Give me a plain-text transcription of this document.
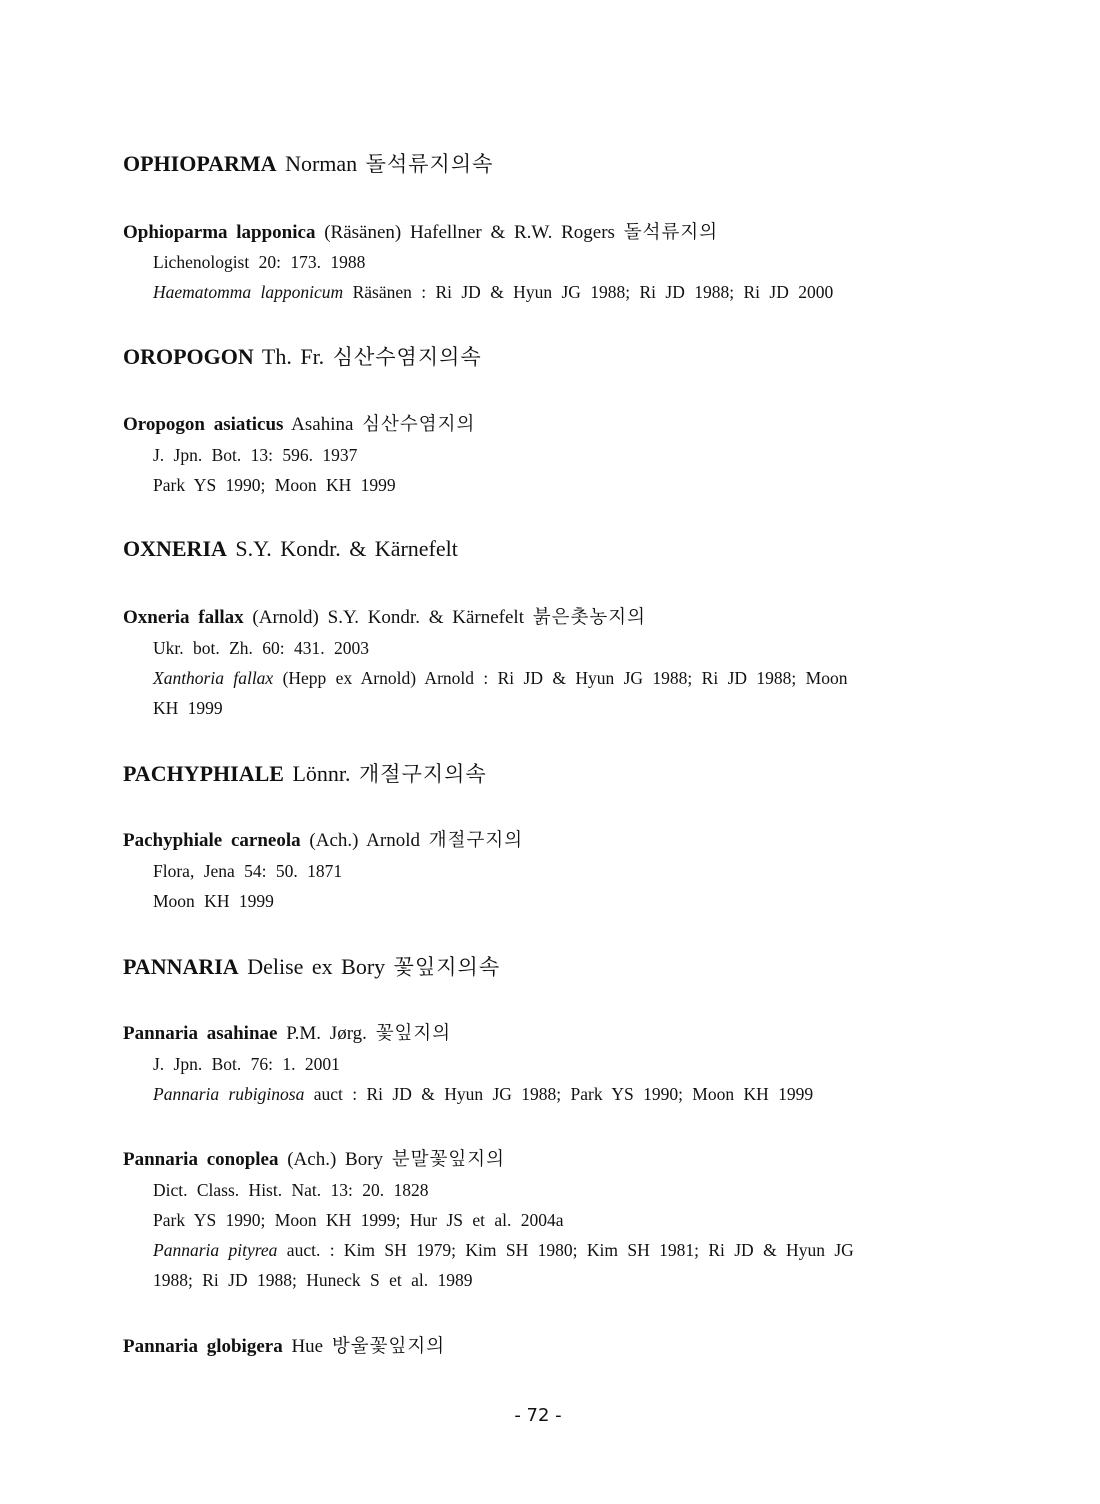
OPHIOPARMA Norman 돌석류지의속
Ophioparma lapponica (Räsänen) Hafellner & R.W. Rogers 돌석류지의
Lichenologist 20: 173. 1988
Haematomma lapponicum Räsänen : Ri JD & Hyun JG 1988; Ri JD 1988; Ri JD 2000
OROPOGON Th. Fr. 심산수염지의속
Oropogon asiaticus Asahina 심산수염지의
J. Jpn. Bot. 13: 596. 1937
Park YS 1990; Moon KH 1999
OXNERIA S.Y. Kondr. & Kärnefelt
Oxneria fallax (Arnold) S.Y. Kondr. & Kärnefelt 붉은촛농지의
Ukr. bot. Zh. 60: 431. 2003
Xanthoria fallax (Hepp ex Arnold) Arnold : Ri JD & Hyun JG 1988; Ri JD 1988; Moon
KH 1999
PACHYPHIALE Lönnr. 개절구지의속
Pachyphiale carneola (Ach.) Arnold 개절구지의
Flora, Jena 54: 50. 1871
Moon KH 1999
PANNARIA Delise ex Bory 꽃잎지의속
Pannaria asahinae P.M. Jørg. 꽃잎지의
J. Jpn. Bot. 76: 1. 2001
Pannaria rubiginosa auct : Ri JD & Hyun JG 1988; Park YS 1990; Moon KH 1999
Pannaria conoplea (Ach.) Bory 분말꽃잎지의
Dict. Class. Hist. Nat. 13: 20. 1828
Park YS 1990; Moon KH 1999; Hur JS et al. 2004a
Pannaria pityrea auct. : Kim SH 1979; Kim SH 1980; Kim SH 1981; Ri JD & Hyun JG
1988; Ri JD 1988; Huneck S et al. 1989
Pannaria globigera Hue 방울꽃잎지의
- 72 -
